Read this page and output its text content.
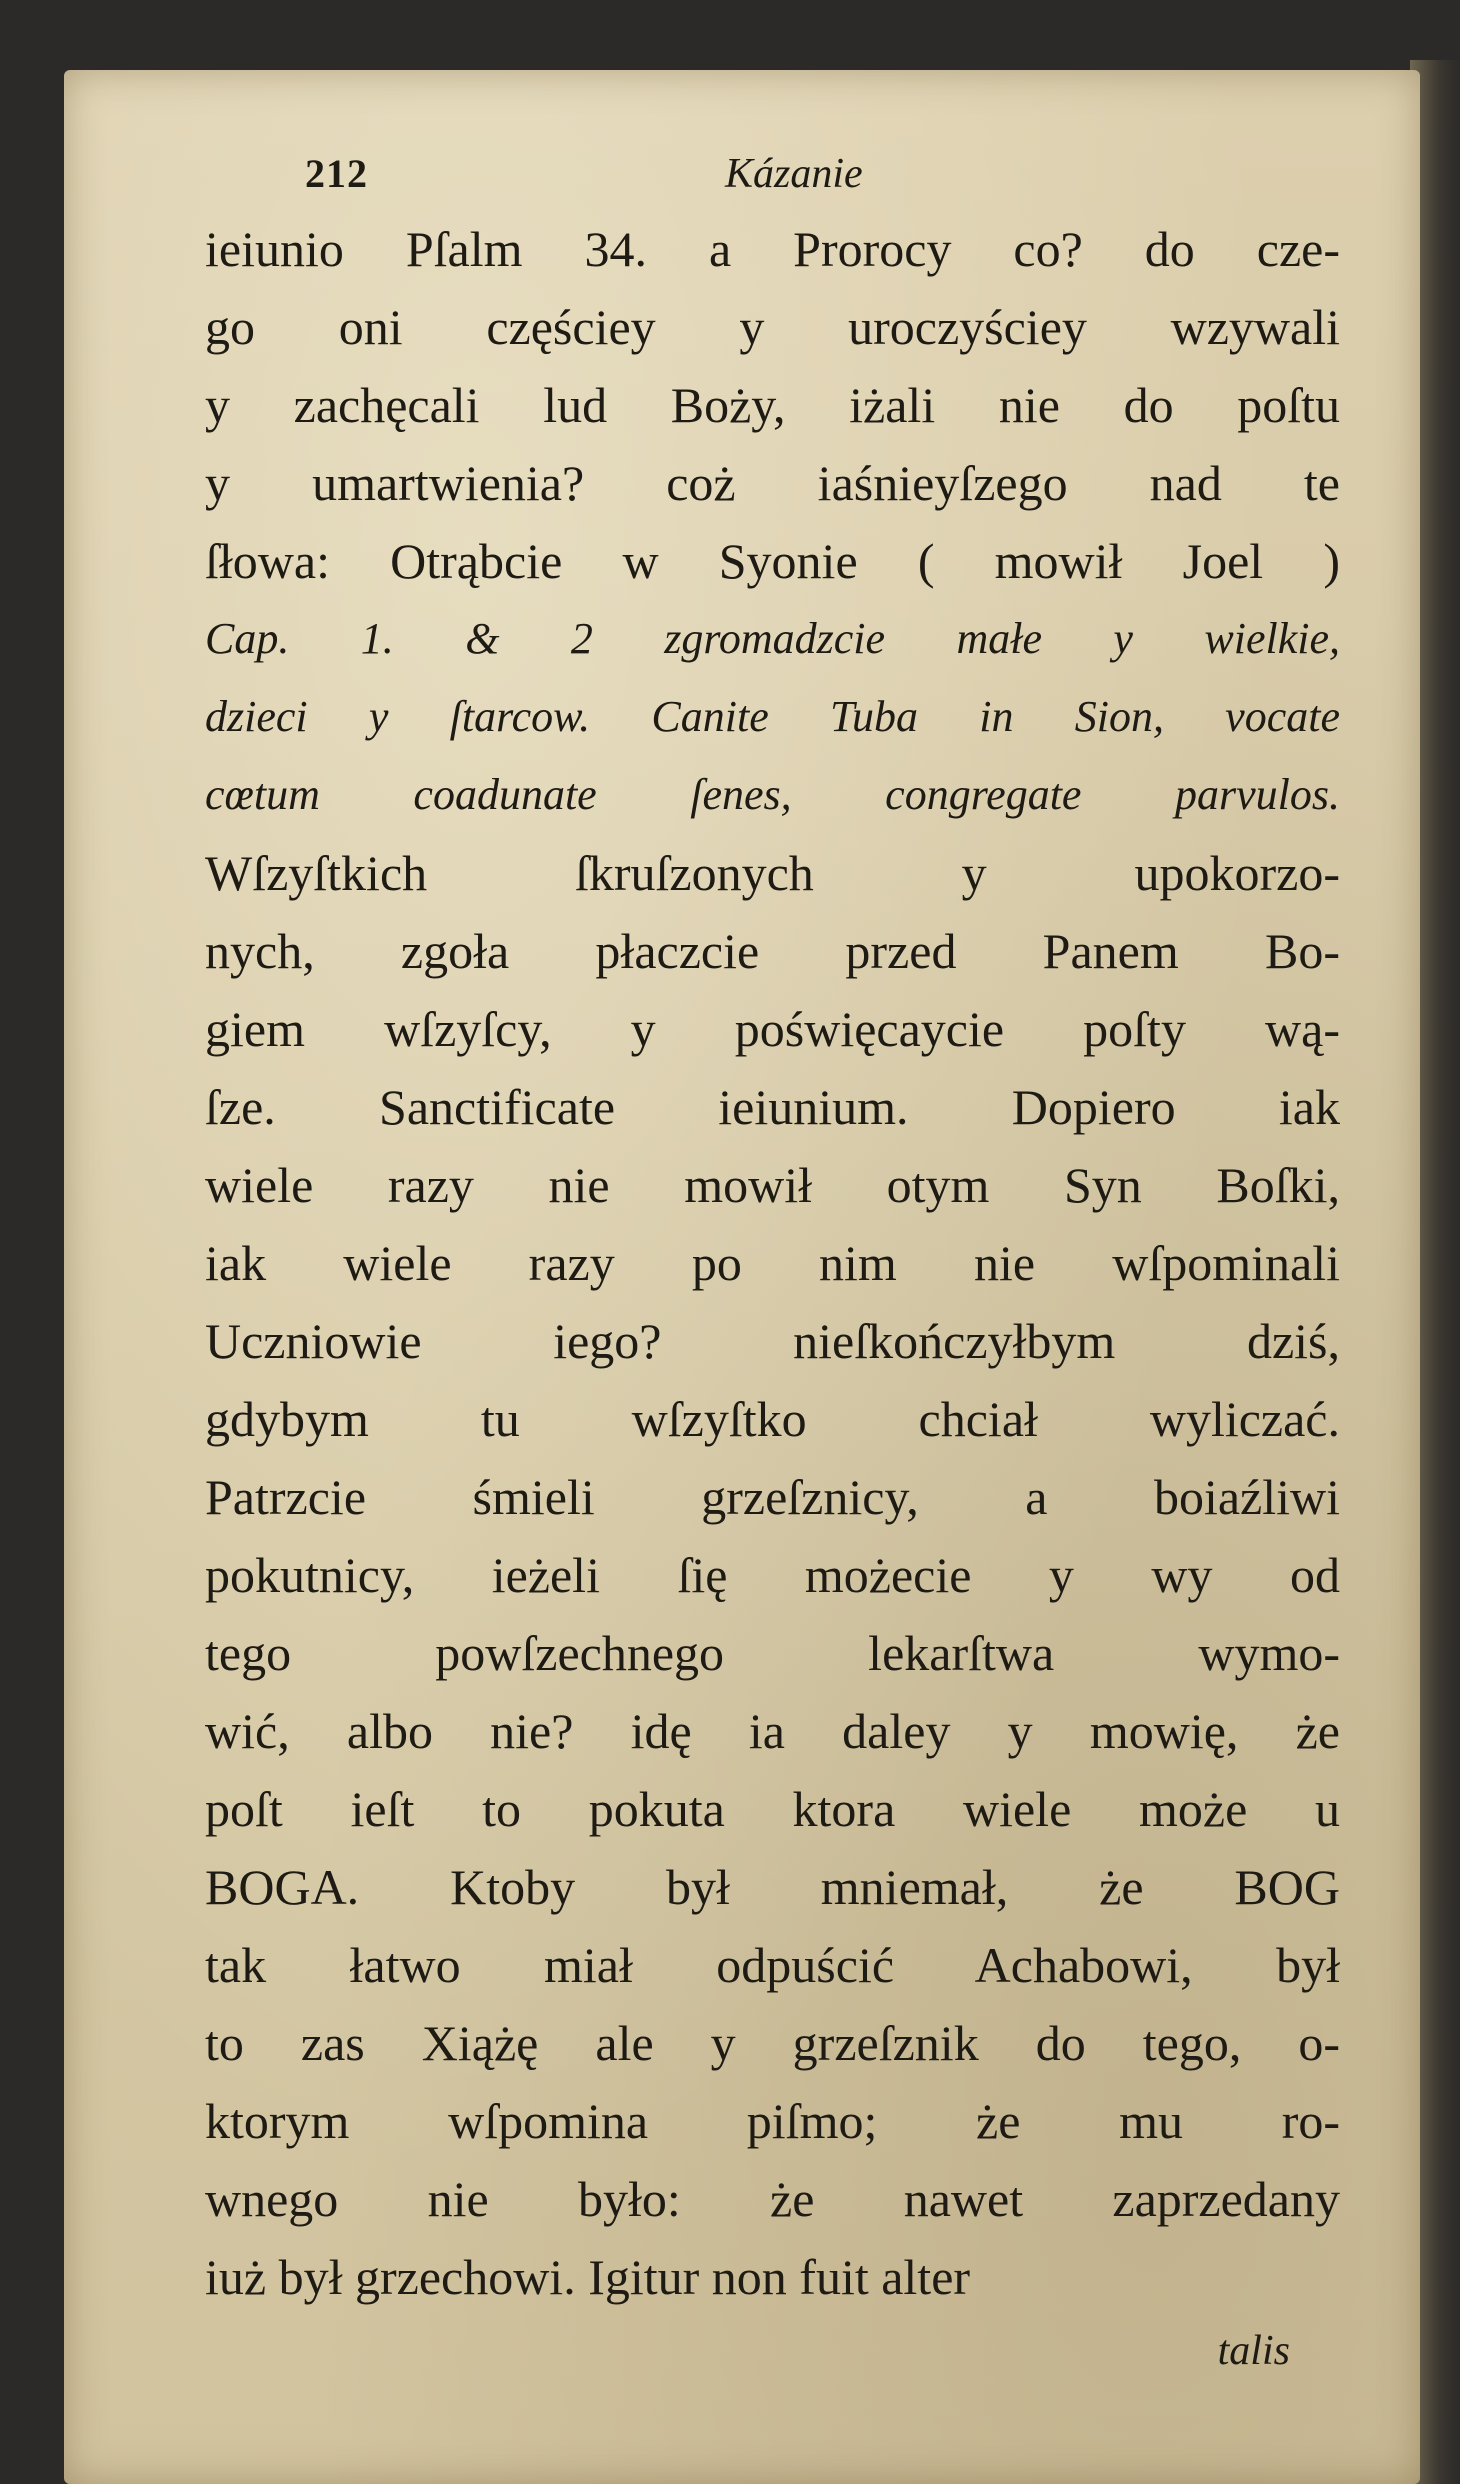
212	Kázanie
ieiunio Pſalm 34. a Prorocy co? do cze-
go oni częściey y uroczyściey wzywali
y zachęcali lud Boży, iżali nie do poſtu
y umartwienia? coż iaśnieyſzego nad te
ſłowa: Otrąbcie w Syonie ( mowił Joel )
Cap. 1. & 2 zgromadzcie małe y wielkie,
dzieci y ſtarcow. Canite Tuba in Sion, vocate
cœtum coadunate ſenes, congregate parvulos.
Wſzyſtkich ſkruſzonych y upokorzo-
nych, zgoła płaczcie przed Panem Bo-
giem wſzyſcy, y poświęcaycie poſty wą-
ſze. Sanctificate ieiunium. Dopiero iak
wiele razy nie mowił otym Syn Boſki,
iak wiele razy po nim nie wſpominali
Uczniowie iego? nieſkończyłbym dziś,
gdybym tu wſzyſtko chciał wyliczać.
Patrzcie śmieli grzeſznicy, a boiaźliwi
pokutnicy, ieżeli ſię możecie y wy od
tego powſzechnego lekarſtwa wymo-
wić, albo nie? idę ia daley y mowię, że
poſt ieſt to pokuta ktora wiele może u
BOGA. Ktoby był mniemał, że BOG
tak łatwo miał odpuścić Achabowi, był
to zas Xiążę ale y grzeſznik do tego, o-
ktorym wſpomina piſmo; że mu ro-
wnego nie było: że nawet zaprzedany
iuż był grzechowi. Igitur non fuit alter
talis
